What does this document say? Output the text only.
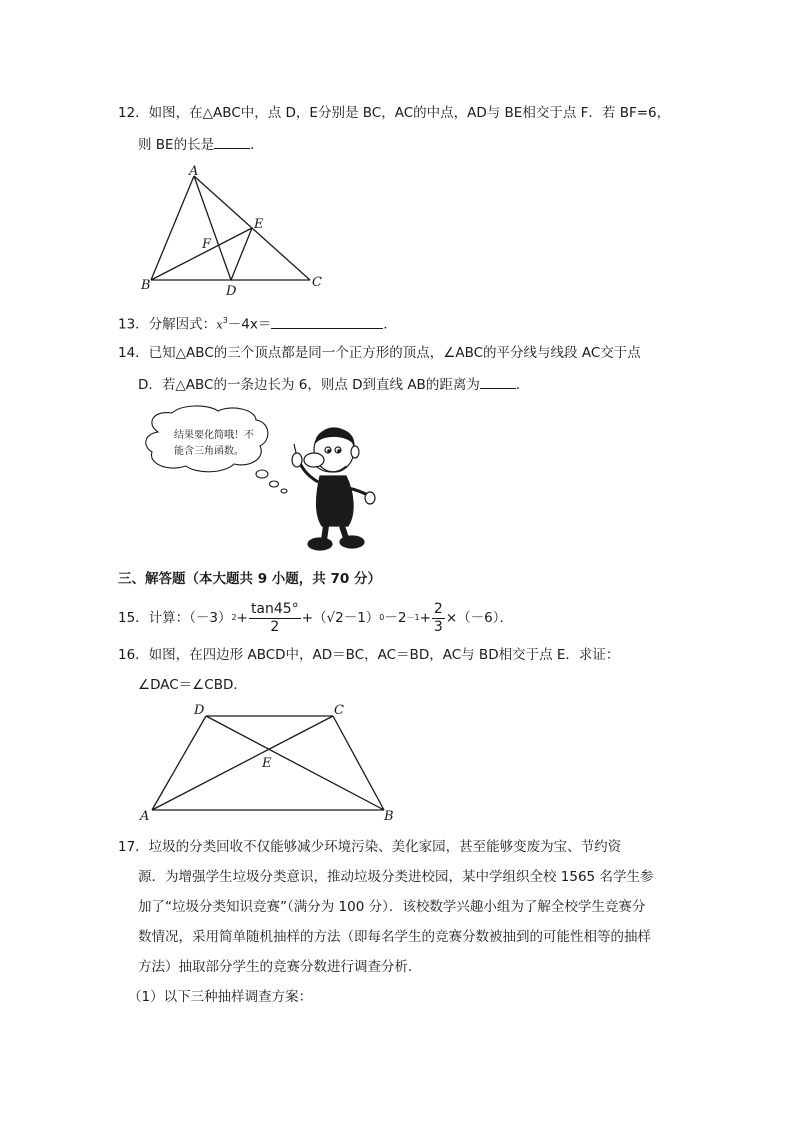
12．如图，在△ABC中，点 D，E分别是 BC，AC的中点，AD与 BE相交于点 F．若 BF=6，
则 BE的长是	．
A
B	C
D
E
F
13．分解因式：$x^3-4x=$	．
14．已知△ABC的三个顶点都是同一个正方形的顶点，∠ABC的平分线与线段 AC交于点
D．若△ABC的一条边长为 6，则点 D到直线 AB的距离为	．
结果要化简哦！不
能含三角函数。
三、解答题（本大题共 9 小题，共 70 分）
15．计算：（－3） $2 + \frac{\tan 45^\circ}{2} +(√2-1)$ $0 -2 -1 + \frac{2}{3} \times(-6)$．
16．如图，在四边形 ABCD中，AD＝BC，AC＝BD，AC与 BD相交于点 E．求证：
∠DAC＝∠CBD．
D	C
A	B
E
17．垃圾的分类回收不仅能够减少环境污染、美化家园，甚至能够变废为宝、节约资
源．为增强学生垃圾分类意识，推动垃圾分类进校园，某中学组织全校 1565 名学生参
加了“垃圾分类知识竞赛”（满分为 100 分）．该校数学兴趣小组为了解全校学生竞赛分
数情况，采用简单随机抽样的方法（即每名学生的竞赛分数被抽到的可能性相等的抽样
方法）抽取部分学生的竞赛分数进行调查分析．
（1）以下三种抽样调查方案：
